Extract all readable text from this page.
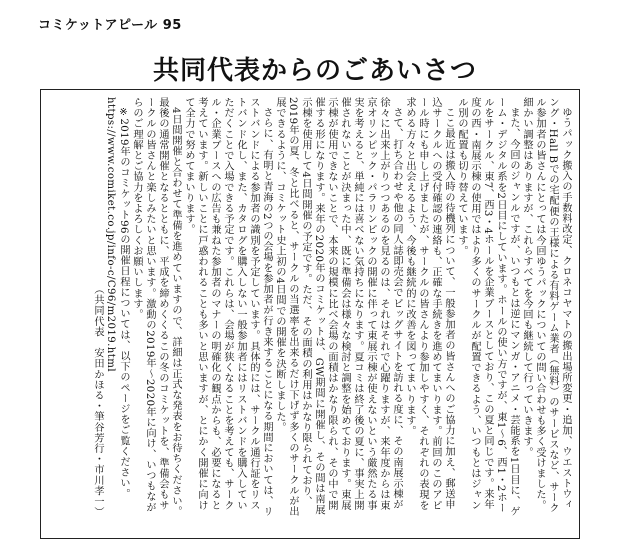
コミケットアピール 95
共同代表からのごあいさつ

ゆうパック搬入の手数料改定、クロネコヤマトの搬出場所変更・追加、ウエストウィング・Hall Bでの宅配便の王様による有料ゲーム業者（無料）のサービスなど、サークル参加者の皆さんにとっては今回ゆうパックについての問い合わせも多く受けました。細かい調整はありますが、これらすべてを今回も継続して行っていきます。

また、今回のジャンルですが、いつもとは逆にマンガ・アニメ・芸能系を1日目に、ゲーム・デジタル系を2日目にしています。ホールの使い方ですが、東1～6、西1・2ホールをサークル、東7、西3・4ホールを企業ブースとしており、この夏と同じです。来年度の西・南展示棟の使用ではより多くのサークルが配置できるよう、いつもとはジャンル別の配置も切り替えています。

ここ最近は搬入時の待機列について、一般参加者の皆さんへのご協力に加え、郵送申込サークルへの受付確認の連絡も、正確な手続きを進めてまいります。前回のこのアピール時にも申し上げましたが、サークルの皆さんより参加しやすく、それぞれの表現を求める方々と出会えるよう、今後も継続的に改善を図ってまいります。

さて、打ち合わせや他の同人誌即売会でビッグサイトを訪れる度に、その南展示棟が徐々に出来上がりつつあるのを見るのは、それはそれで心躍りますが、来年度からは東京オリンピック・パラリンピックの開催に伴って東展示棟が使えないという厳然たる事実を考えると、単純には喜べない気持ちになります。夏コミは終了後の夏に、事実上開催されないことが決まった中、既に準備会は様々な検討と調整を始めております。東展示棟が使用できないことで、本来の規模に比べ会場の面積はかなり限られ、その中で開催する形になります。来年の2020年のコミケットは、GW期間に開催し、その間は南展示棟を使用して4日間開催の予定です。ただ、その面積の利用はかなり限られており、2019年の夏、冬と比べると、サークルの当選率を出来るだけ下げず多くのサークルが出展できるように、コミケット史上初の4日間での開催を決断しました。

さらに、有明と青海の2つの会場を参加者が行き来することになる期間においては、リストバンドによる参加者の識別を予定しています。具体的には、サークル通行証をリストバンド化し、また、カタログを購入しない一般参加者にはリストバンドを購入していただくことで入場できる予定です。これらは、会場が狭くなることを考えても、サークル・企業ブースへの広告も兼ねた参加者のマナーの明確化の観点からも、必要になると考えています。新しいことに戸惑われることも多いと思いますが、とにかく開催に向けて全力で努めてまいります。

4日間開催と合わせて準備を進めていますので、詳細は正式な発表をお待ちください。最後の通常開催となるとともに、平成を締めくくるこの冬のコミケットを、準備会もサークルの皆さんと楽しみたいと思います。激動の2019年〜2020年に向け、いつもながらのご理解とご協力をよろしくお願いします。

※2019年のコミケット96の開催日程については、以下のページをご覧ください。

https://www.comiket.co.jp/info-c/C96/m2019.html

（共同代表　安田かほる・筆谷芳行・市川孝一）
